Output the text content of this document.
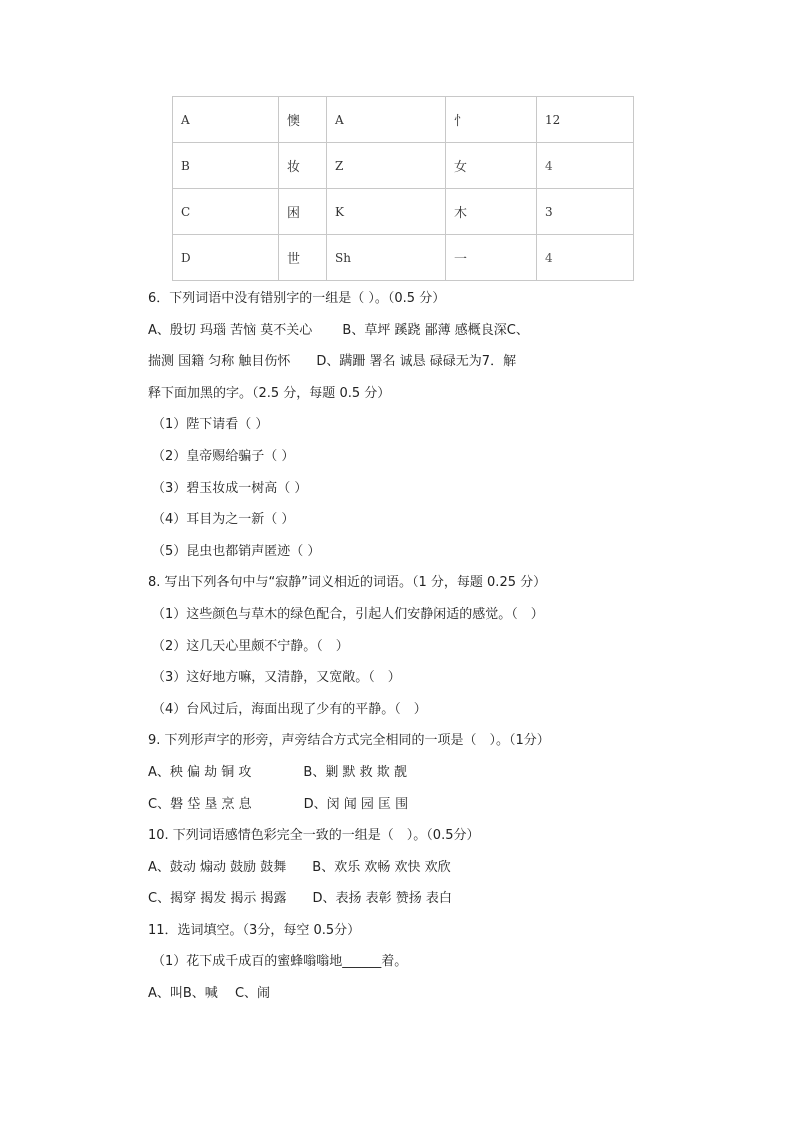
A	懊	A	忄	12
B	妆	Z	女	4
C	困	K	木	3
D	世	Sh	一	4
6．下列词语中没有错别字的一组是（ ）。（0.5 分）
A、殷切 玛瑙 苦恼 莫不关心　　 B、草坪 蹊跷 鄙薄 感概良深C、
揣测 国籍 匀称 触目伤怀　　D、蹒跚 署名 诚恳 碌碌无为7．解
释下面加黑的字。（2.5 分，每题 0.5 分）
（1）陛下请看（ ）
（2）皇帝赐给骗子（ ）
（3）碧玉妆成一树高（ ）
（4）耳目为之一新（ ）
（5）昆虫也都销声匿迹（ ）
8. 写出下列各句中与“寂静”词义相近的词语。（1 分，每题 0.25 分）
（1）这些颜色与草木的绿色配合，引起人们安静闲适的感觉。（　）
（2）这几天心里颇不宁静。（　）
（3）这好地方嘛，又清静，又宽敞。（　）
（4）台风过后，海面出现了少有的平静。（　）
9. 下列形声字的形旁，声旁结合方式完全相同的一项是（　）。（1分）
A、秧 偏 劫 铜 攻　　　　B、剿 默 救 欺 靓
C、磐 垈 垦 烹 息　　　　D、闵 闻 园 匡 围
10. 下列词语感情色彩完全一致的一组是（　）。（0.5分）
A、鼓动 煽动 鼓励 鼓舞　　B、欢乐 欢畅 欢快 欢欣
C、揭穿 揭发 揭示 揭露　　D、表扬 表彰 赞扬 表白
11．选词填空。（3分，每空 0.5分）
（1）花下成千成百的蜜蜂嗡嗡地______着。
A、叫B、喊　 C、闹
